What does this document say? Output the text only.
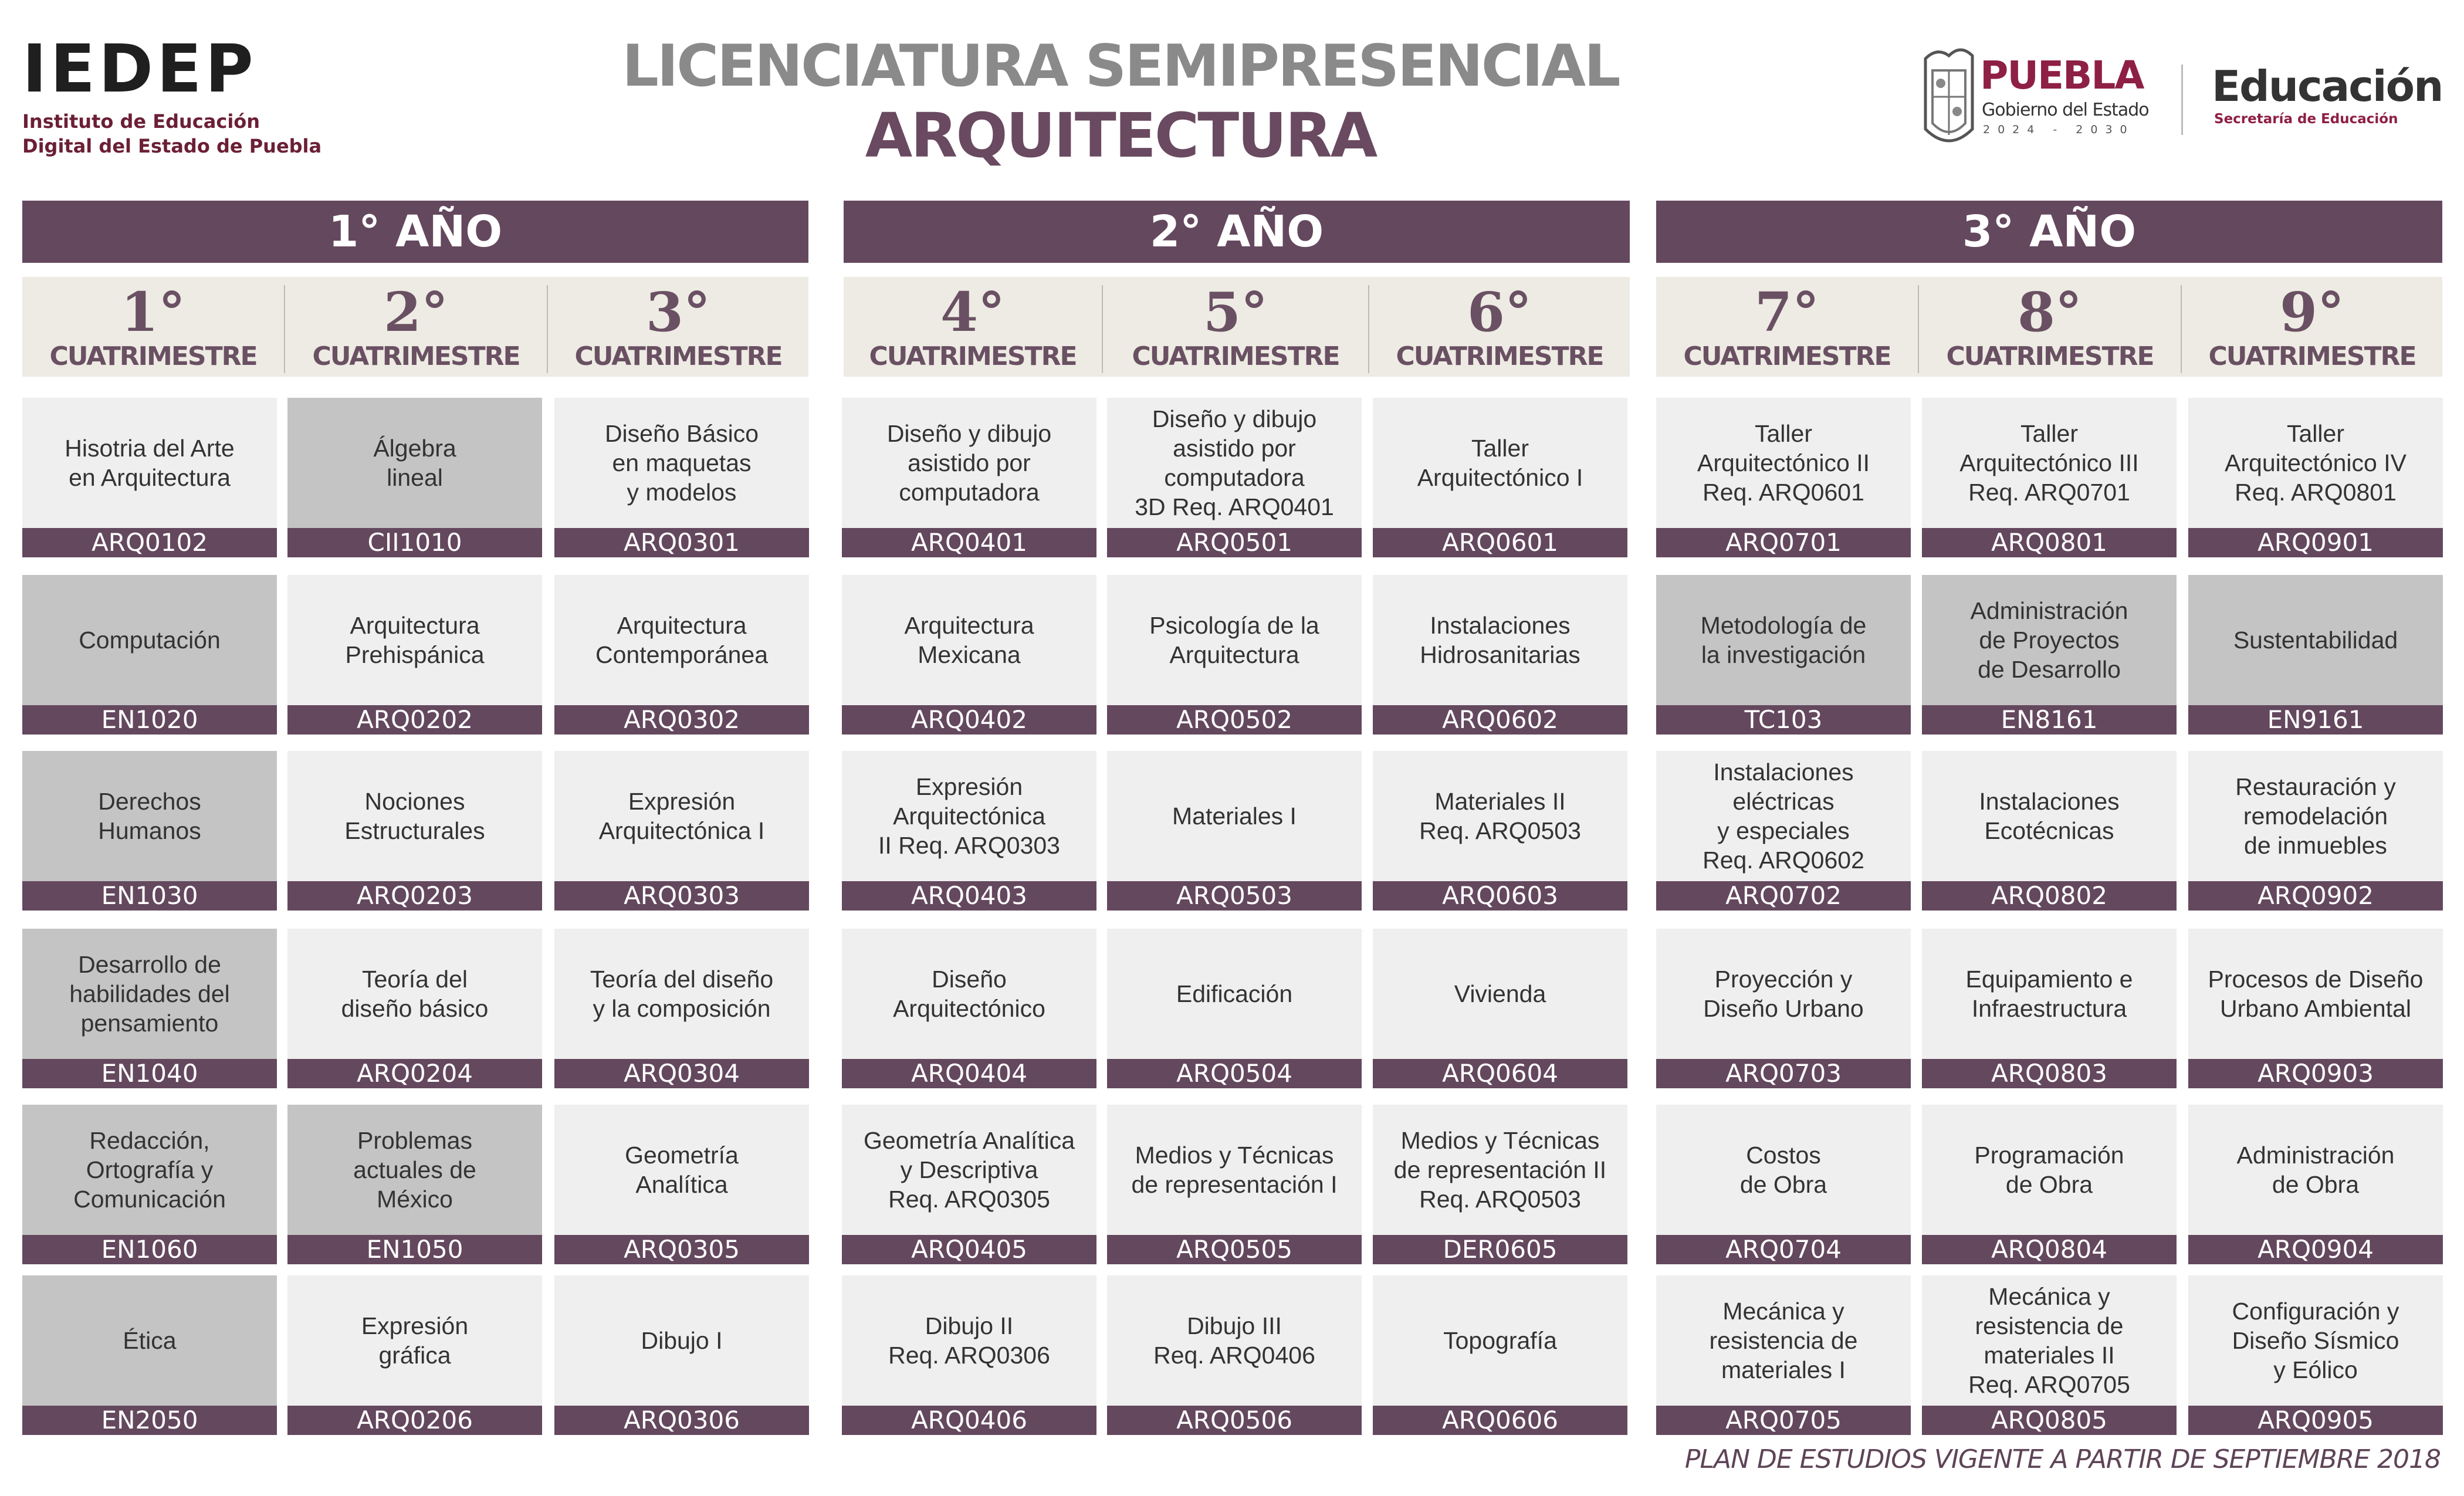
IEDEP
Instituto de Educación
Digital del Estado de Puebla
LICENCIATURA SEMIPRESENCIAL
ARQUITECTURA
PUEBLA
Gobierno del Estado
2024 - 2030
Educación
Secretaría de Educación
1° AÑO	2° AÑO	3° AÑO
1°
CUATRIMESTRE
2°
CUATRIMESTRE
3°
CUATRIMESTRE
4°
CUATRIMESTRE
5°
CUATRIMESTRE
6°
CUATRIMESTRE
7°
CUATRIMESTRE
8°
CUATRIMESTRE
9°
CUATRIMESTRE
Hisotria del Arte
en Arquitectura
ARQ0102
Computación
EN1020
Derechos
Humanos
EN1030
Desarrollo de
habilidades del
pensamiento
EN1040
Redacción,
Ortografía y
Comunicación
EN1060
Ética
EN2050
Álgebra
lineal
CII1010
Arquitectura
Prehispánica
ARQ0202
Nociones
Estructurales
ARQ0203
Teoría del
diseño básico
ARQ0204
Problemas
actuales de
México
EN1050
Expresión
gráfica
ARQ0206
Diseño Básico
en maquetas
y modelos
ARQ0301
Arquitectura
Contemporánea
ARQ0302
Expresión
Arquitectónica I
ARQ0303
Teoría del diseño
y la composición
ARQ0304
Geometría
Analítica
ARQ0305
Dibujo I
ARQ0306
Diseño y dibujo
asistido por
computadora
ARQ0401
Arquitectura
Mexicana
ARQ0402
Expresión
Arquitectónica
II Req. ARQ0303
ARQ0403
Diseño
Arquitectónico
ARQ0404
Geometría Analítica
y Descriptiva
Req. ARQ0305
ARQ0405
Dibujo II
Req. ARQ0306
ARQ0406
Diseño y dibujo
asistido por
computadora
3D Req. ARQ0401
ARQ0501
Psicología de la
Arquitectura
ARQ0502
Materiales I
ARQ0503
Edificación
ARQ0504
Medios y Técnicas
de representación I
ARQ0505
Dibujo III
Req. ARQ0406
ARQ0506
Taller
Arquitectónico I
ARQ0601
Instalaciones
Hidrosanitarias
ARQ0602
Materiales II
Req. ARQ0503
ARQ0603
Vivienda
ARQ0604
Medios y Técnicas
de representación II
Req. ARQ0503
DER0605
Topografía
ARQ0606
Taller
Arquitectónico II
Req. ARQ0601
ARQ0701
Metodología de
la investigación
TC103
Instalaciones
eléctricas
y especiales
Req. ARQ0602
ARQ0702
Proyección y
Diseño Urbano
ARQ0703
Costos
de Obra
ARQ0704
Mecánica y
resistencia de
materiales I
ARQ0705
Taller
Arquitectónico III
Req. ARQ0701
ARQ0801
Administración
de Proyectos
de Desarrollo
EN8161
Instalaciones
Ecotécnicas
ARQ0802
Equipamiento e
Infraestructura
ARQ0803
Programación
de Obra
ARQ0804
Mecánica y
resistencia de
materiales II
Req. ARQ0705
ARQ0805
Taller
Arquitectónico IV
Req. ARQ0801
ARQ0901
Sustentabilidad
EN9161
Restauración y
remodelación
de inmuebles
ARQ0902
Procesos de Diseño
Urbano Ambiental
ARQ0903
Administración
de Obra
ARQ0904
Configuración y
Diseño Sísmico
y Eólico
ARQ0905
PLAN DE ESTUDIOS VIGENTE A PARTIR DE SEPTIEMBRE 2018
